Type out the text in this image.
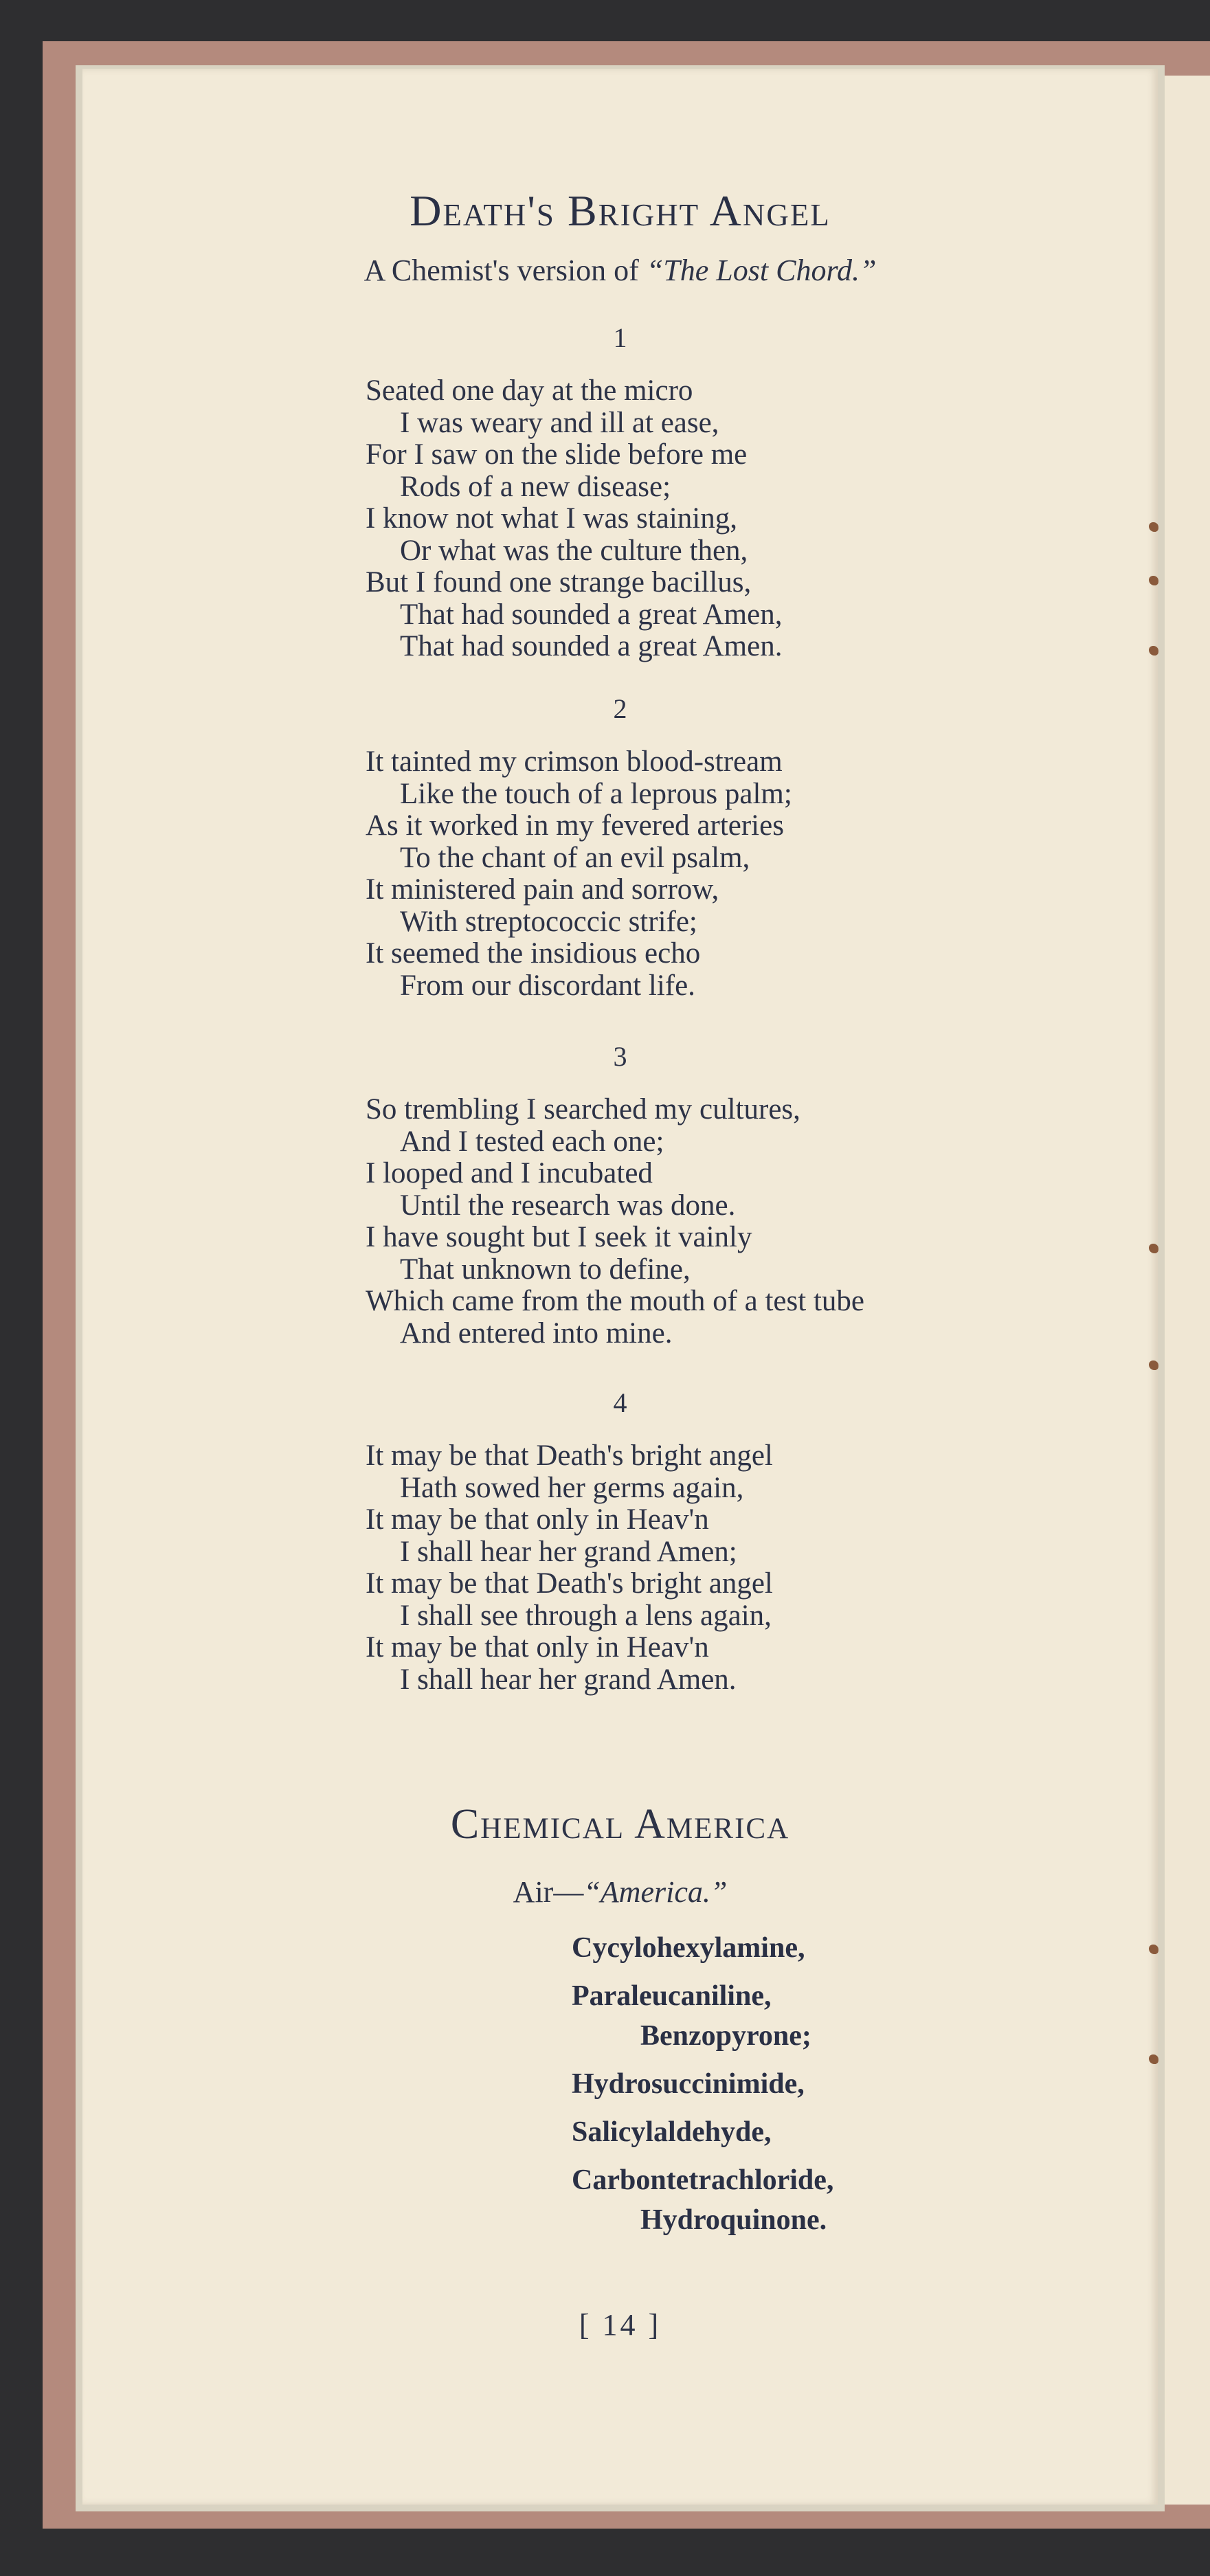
Death's Bright Angel
A Chemist's version of “The Lost Chord.”
1
Seated one day at the micro
I was weary and ill at ease,
For I saw on the slide before me
Rods of a new disease;
I know not what I was staining,
Or what was the culture then,
But I found one strange bacillus,
That had sounded a great Amen,
That had sounded a great Amen.
2
It tainted my crimson blood-stream
Like the touch of a leprous palm;
As it worked in my fevered arteries
To the chant of an evil psalm,
It ministered pain and sorrow,
With streptococcic strife;
It seemed the insidious echo
From our discordant life.
3
So trembling I searched my cultures,
And I tested each one;
I looped and I incubated
Until the research was done.
I have sought but I seek it vainly
That unknown to define,
Which came from the mouth of a test tube
And entered into mine.
4
It may be that Death's bright angel
Hath sowed her germs again,
It may be that only in Heav'n
I shall hear her grand Amen;
It may be that Death's bright angel
I shall see through a lens again,
It may be that only in Heav'n
I shall hear her grand Amen.
Chemical America
Air—“America.”
Cycylohexylamine,
Paraleucaniline,
Benzopyrone;
Hydrosuccinimide,
Salicylaldehyde,
Carbontetrachloride,
Hydroquinone.
[ 14 ]
